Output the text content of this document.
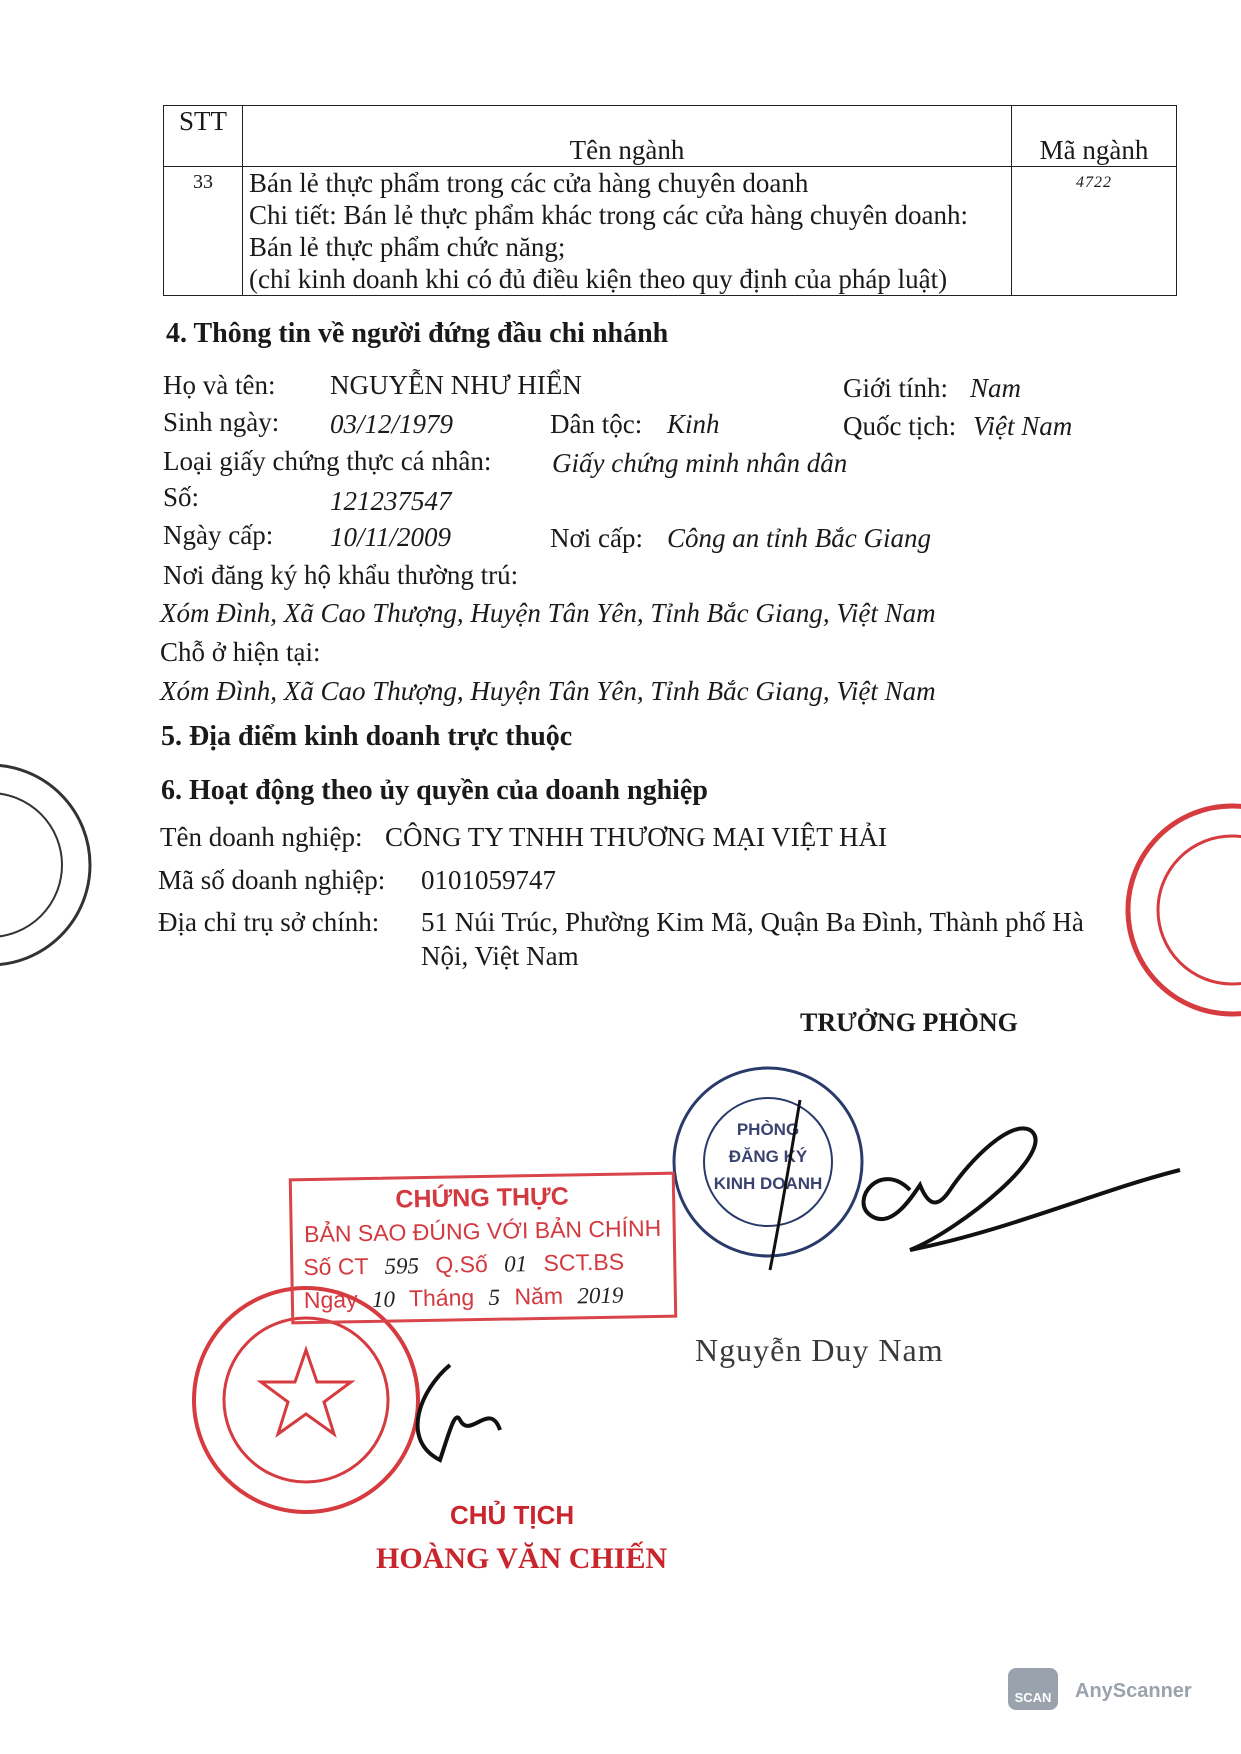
STT	Tên ngành	Mã ngành
33	Bán lẻ thực phẩm trong các cửa hàng chuyên doanh
Chi tiết: Bán lẻ thực phẩm khác trong các cửa hàng chuyên doanh:
Bán lẻ thực phẩm chức năng;
(chỉ kinh doanh khi có đủ điều kiện theo quy định của pháp luật)	4722
4. Thông tin về người đứng đầu chi nhánh
Họ và tên: NGUYỄN NHƯ HIỂN	Giới tính: Nam
Sinh ngày: 03/12/1979	Dân tộc: Kinh	Quốc tịch: Việt Nam
Loại giấy chứng thực cá nhân: Giấy chứng minh nhân dân
Số:	121237547
Ngày cấp: 10/11/2009	Nơi cấp: Công an tỉnh Bắc Giang
Nơi đăng ký hộ khẩu thường trú:
Xóm Đình, Xã Cao Thượng, Huyện Tân Yên, Tỉnh Bắc Giang, Việt Nam
Chỗ ở hiện tại:
Xóm Đình, Xã Cao Thượng, Huyện Tân Yên, Tỉnh Bắc Giang, Việt Nam
5. Địa điểm kinh doanh trực thuộc
6. Hoạt động theo ủy quyền của doanh nghiệp
Tên doanh nghiệp: CÔNG TY TNHH THƯƠNG MẠI VIỆT HẢI
Mã số doanh nghiệp: 0101059747
Địa chỉ trụ sở chính: 51 Núi Trúc, Phường Kim Mã, Quận Ba Đình, Thành phố Hà
Nội, Việt Nam
TRƯỞNG PHÒNG
PHÒNG
ĐĂNG KÝ
KINH DOANH
Nguyễn Duy Nam
CHỨNG THỰC
BẢN SAO ĐÚNG VỚI BẢN CHÍNH
Số CT 595 Q.Số 01 SCT.BS
Ngày 10 Tháng 5 Năm 2019
CHỦ TỊCH
HOÀNG VĂN CHIẾN
SCAN	AnyScanner
